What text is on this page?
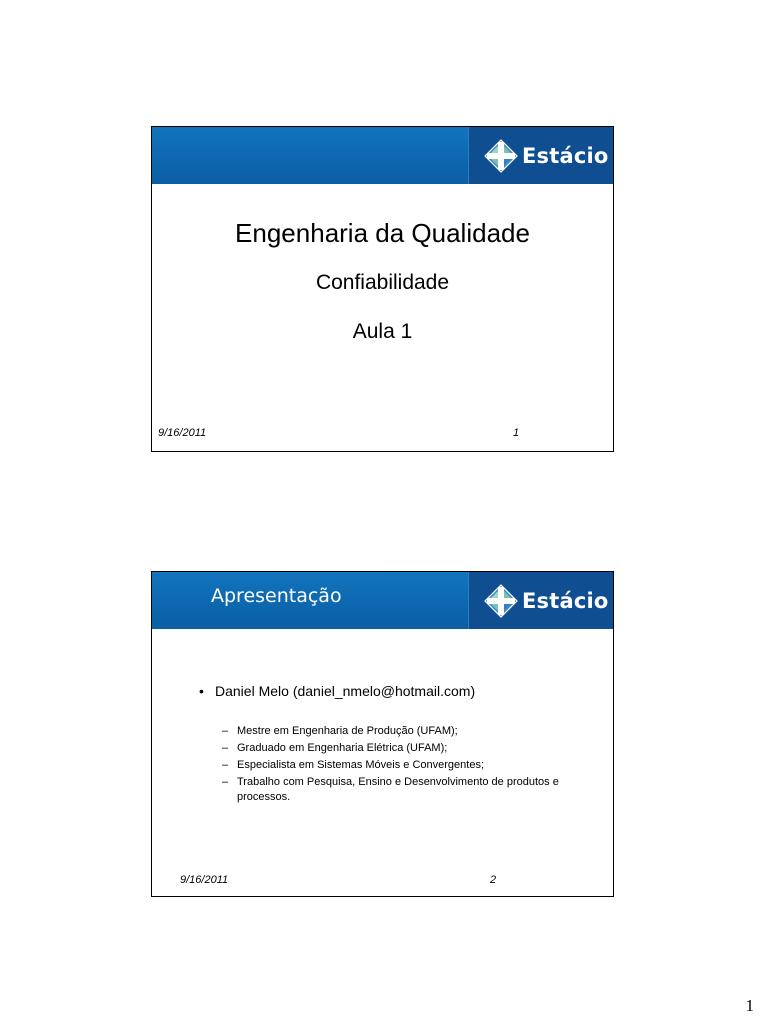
Estácio
Engenharia da Qualidade
Confiabilidade
Aula 1
9/16/2011	1
Apresentação	Estácio
• Daniel Melo (daniel_nmelo@hotmail.com)
– Mestre em Engenharia de Produção (UFAM);
– Graduado em Engenharia Elétrica (UFAM);
– Especialista em Sistemas Móveis e Convergentes;
– Trabalho com Pesquisa, Ensino e Desenvolvimento de produtos e processos.
9/16/2011	2
1
